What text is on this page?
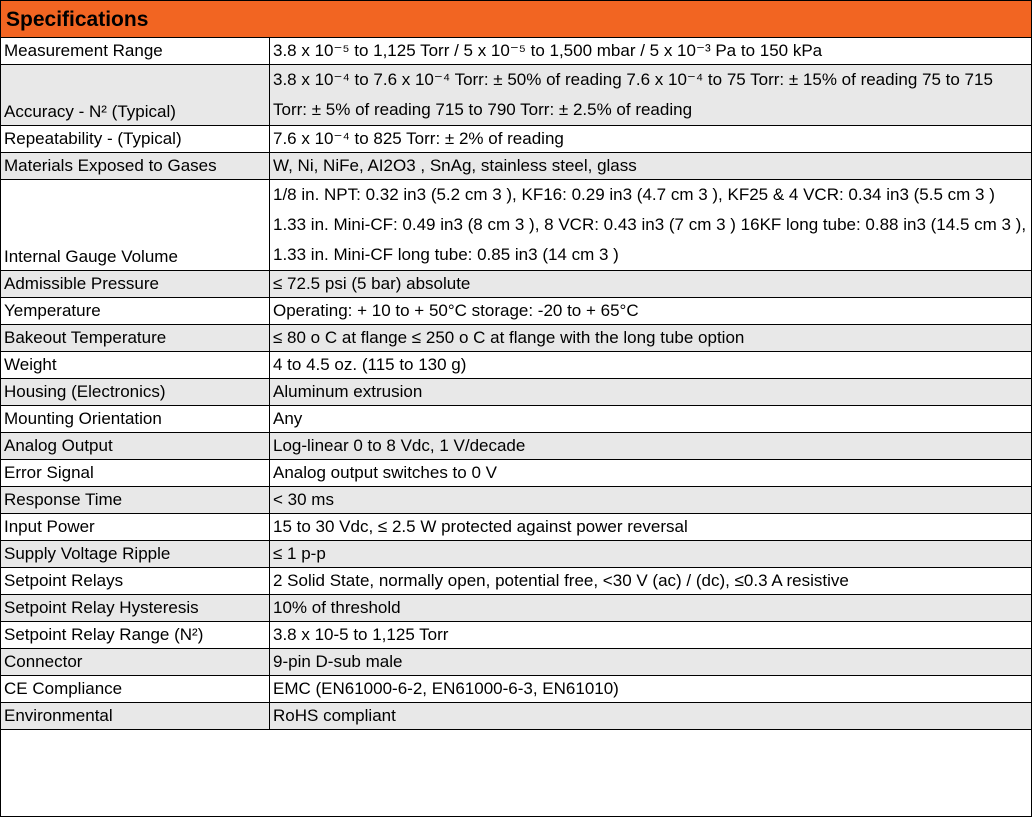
Specifications
Measurement Range	3.8 x 10⁻⁵ to 1,125 Torr / 5 x 10⁻⁵ to 1,500 mbar / 5 x 10⁻³ Pa to 150 kPa
Accuracy - N² (Typical)	3.8 x 10⁻⁴ to 7.6 x 10⁻⁴ Torr: ± 50% of reading 7.6 x 10⁻⁴ to 75 Torr: ± 15% of reading 75 to 715 Torr: ± 5% of reading 715 to 790 Torr: ± 2.5% of reading

Repeatability - (Typical)	7.6 x 10⁻⁴ to 825 Torr: ± 2% of reading
Materials Exposed to Gases	W, Ni, NiFe, AI2O3 , SnAg, stainless steel, glass
Internal Gauge Volume	1/8 in. NPT: 0.32 in3 (5.2 cm 3 ), KF16: 0.29 in3 (4.7 cm 3 ), KF25 & 4 VCR: 0.34 in3 (5.5 cm 3 ) 1.33 in. Mini-CF: 0.49 in3 (8 cm 3 ), 8 VCR: 0.43 in3 (7 cm 3 ) 16KF long tube: 0.88 in3 (14.5 cm 3 ), 1.33 in. Mini-CF long tube: 0.85 in3 (14 cm 3 )

Admissible Pressure	≤ 72.5 psi (5 bar) absolute
Yemperature	Operating: + 10 to + 50°C storage: -20 to + 65°C
Bakeout Temperature	≤ 80 o C at flange ≤ 250 o C at flange with the long tube option
Weight	4 to 4.5 oz. (115 to 130 g)
Housing (Electronics)	Aluminum extrusion
Mounting Orientation	Any
Analog Output	Log-linear 0 to 8 Vdc, 1 V/decade
Error Signal	Analog output switches to 0 V
Response Time	< 30 ms
Input Power	15 to 30 Vdc, ≤ 2.5 W protected against power reversal
Supply Voltage Ripple	≤ 1 p-p
Setpoint Relays	2 Solid State, normally open, potential free, <30 V (ac) / (dc), ≤0.3 A resistive
Setpoint Relay Hysteresis	10% of threshold
Setpoint Relay Range (N²)	3.8 x 10-5 to 1,125 Torr
Connector	9-pin D-sub male
CE Compliance	EMC (EN61000-6-2, EN61000-6-3, EN61010)
Environmental	RoHS compliant
